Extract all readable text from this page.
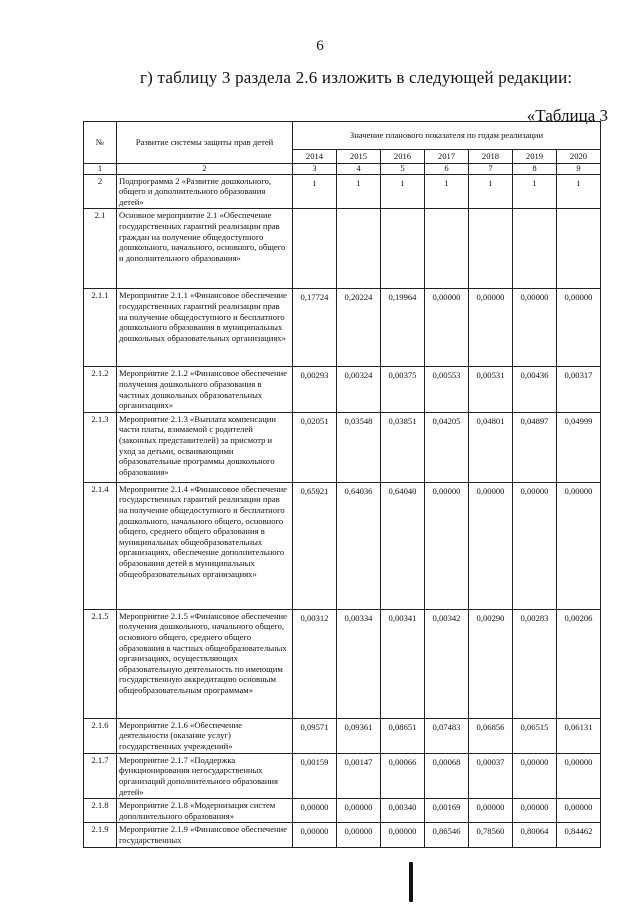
6
г) таблицу 3 раздела 2.6 изложить в следующей редакции:
«Таблица 3
№	Развитие системы защиты прав детей	Значение планового показателя по годам реализации						
		2014	2015	2016	2017	2018	2019	2020
1	2	3	4	5	6	7	8	9
2	Подпрограмма 2 «Развитие дошкольного, общего и дополнительного образования детей»	1	1	1	1	1	1	1
2.1	Основное мероприятие 2.1 «Обеспечение государственных гарантий реализации прав граждан на получение общедоступного дошкольного, начального, основного, общего и дополнительного образования»							
2.1.1	Мероприятие 2.1.1 «Финансовое обеспечение государственных гарантий реализации прав на получение общедоступного и бесплатного дошкольного образования в муниципальных дошкольных образовательных организациях»	0,17724	0,20224	0,19964	0,00000	0,00000	0,00000	0,00000
2.1.2	Мероприятие 2.1.2 «Финансовое обеспечение получения дошкольного образования в частных дошкольных образовательных организациях»	0,00293	0,00324	0,00375	0,00553	0,00531	0,00436	0,00317
2.1.3	Мероприятие 2.1.3 «Выплата компенсации части платы, взимаемой с родителей (законных представителей) за присмотр и уход за детьми, осваивающими образовательные программы дошкольного образования»	0,02051	0,03548	0,03851	0,04205	0,04801	0,04897	0,04999
2.1.4	Мероприятие 2.1.4 «Финансовое обеспечение государственных гарантий реализации прав на получение общедоступного и бесплатного дошкольного, начального общего, основного общего, среднего общего образования в муниципальных общеобразовательных организациях, обеспечение дополнительного образования детей в муниципальных общеобразовательных организациях»	0,65921	0,64036	0,64040	0,00000	0,00000	0,00000	0,00000
2.1.5	Мероприятие 2.1.5 «Финансовое обеспечение получения дошкольного, начального общего, основного общего, среднего общего образования в частных общеобразовательных организациях, осуществляющих образовательную деятельность по имеющим государственную аккредитацию основным общеобразовательным программам»	0,00312	0,00334	0,00341	0,00342	0,00290	0,00283	0,00206
2.1.6	Мероприятие 2.1.6 «Обеспечение деятельности (оказание услуг) государственных учреждений»	0,09571	0,09361	0,08651	0,07483	0,06856	0,06515	0,06131
2.1.7	Мероприятие 2.1.7 «Поддержка функционирования негосударственных организаций дополнительного образования детей»	0,00159	0,00147	0,00066	0,00068	0,00037	0,00000	0,00000
2.1.8	Мероприятие 2.1.8 «Модернизация систем дополнительного образования»	0,00000	0,00000	0,00340	0,00169	0,00000	0,00000	0,00000
2.1.9	Мероприятие 2.1.9 «Финансовое обеспечение государственных	0,00000	0,00000	0,00000	0,86546	0,78560	0,80064	0,84462
